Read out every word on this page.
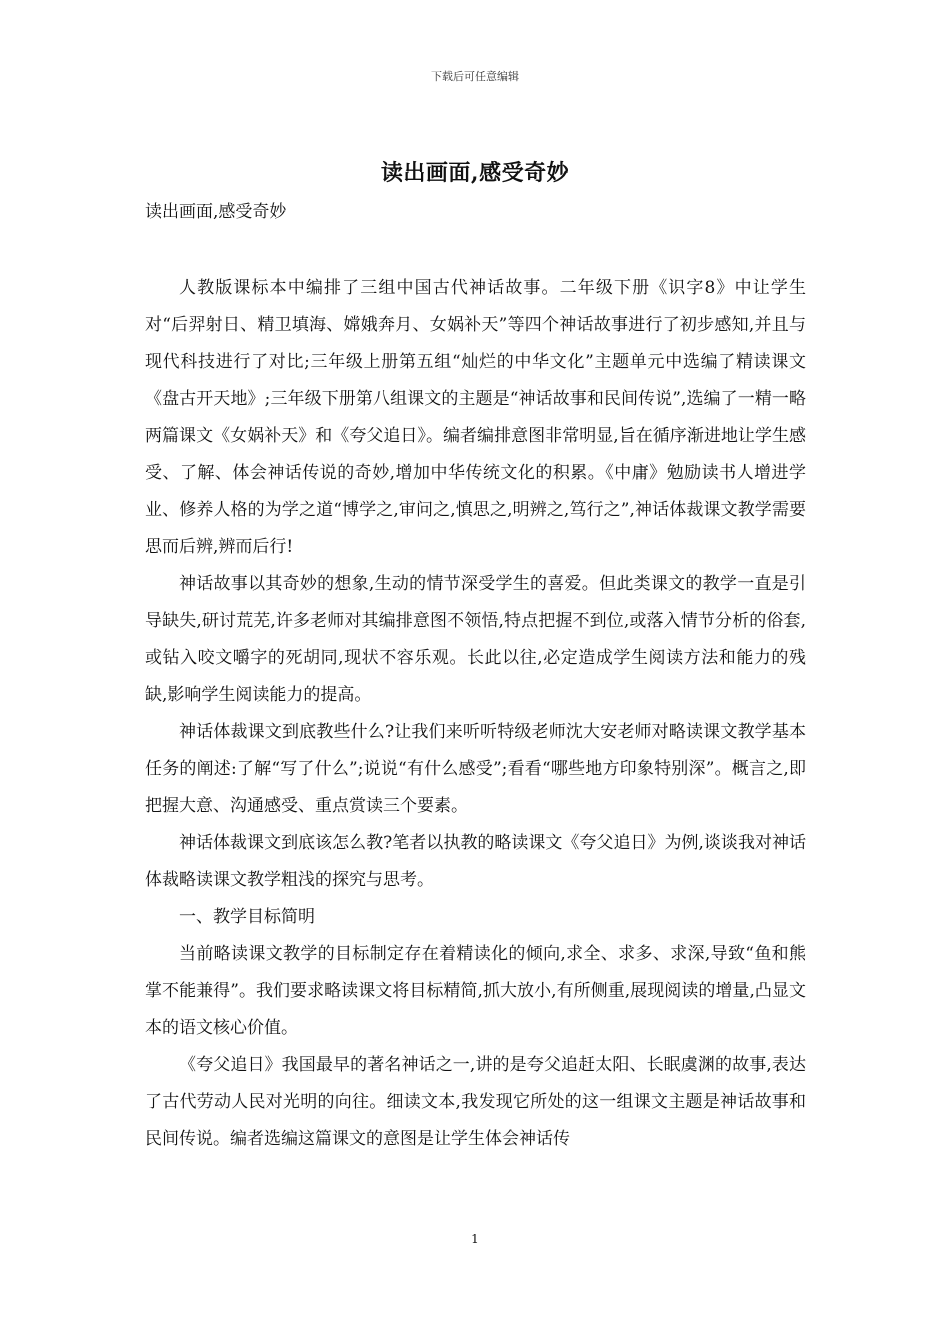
下载后可任意编辑
读出画面,感受奇妙
读出画面,感受奇妙

人教版课标本中编排了三组中国古代神话故事。二年级下册《识字8》中让学生对“后羿射日、精卫填海、嫦娥奔月、女娲补天”等四个神话故事进行了初步感知,并且与现代科技进行了对比;三年级上册第五组“灿烂的中华文化”主题单元中选编了精读课文《盘古开天地》;三年级下册第八组课文的主题是“神话故事和民间传说”,选编了一精一略两篇课文《女娲补天》和《夸父追日》。编者编排意图非常明显,旨在循序渐进地让学生感受、了解、体会神话传说的奇妙,增加中华传统文化的积累。《中庸》勉励读书人增进学业、修养人格的为学之道“博学之,审问之,慎思之,明辨之,笃行之”,神话体裁课文教学需要思而后辨,辨而后行!

神话故事以其奇妙的想象,生动的情节深受学生的喜爱。但此类课文的教学一直是引导缺失,研讨荒芜,许多老师对其编排意图不领悟,特点把握不到位,或落入情节分析的俗套,或钻入咬文嚼字的死胡同,现状不容乐观。长此以往,必定造成学生阅读方法和能力的残缺,影响学生阅读能力的提高。

神话体裁课文到底教些什么?让我们来听听特级老师沈大安老师对略读课文教学基本任务的阐述:了解“写了什么”;说说“有什么感受”;看看“哪些地方印象特别深”。概言之,即把握大意、沟通感受、重点赏读三个要素。

神话体裁课文到底该怎么教?笔者以执教的略读课文《夸父追日》为例,谈谈我对神话体裁略读课文教学粗浅的探究与思考。

一、教学目标简明

当前略读课文教学的目标制定存在着精读化的倾向,求全、求多、求深,导致“鱼和熊掌不能兼得”。我们要求略读课文将目标精简,抓大放小,有所侧重,展现阅读的增量,凸显文本的语文核心价值。

《夸父追日》我国最早的著名神话之一,讲的是夸父追赶太阳、长眠虞渊的故事,表达了古代劳动人民对光明的向往。细读文本,我发现它所处的这一组课文主题是神话故事和民间传说。编者选编这篇课文的意图是让学生体会神话传

1
